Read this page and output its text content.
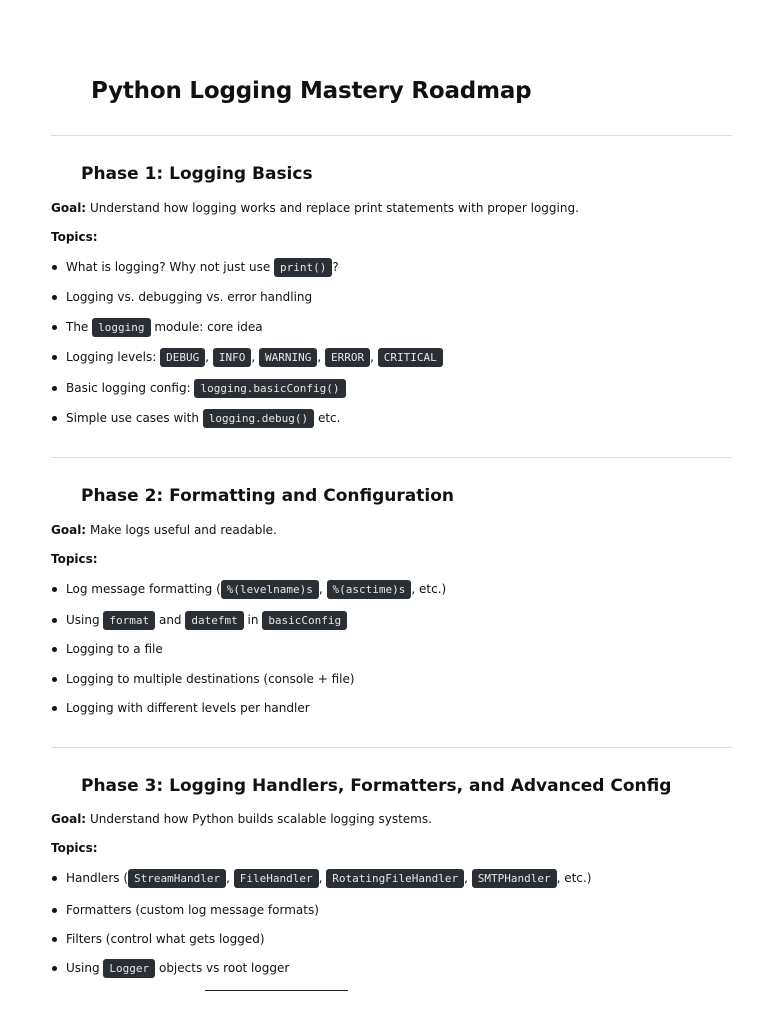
Python Logging Mastery Roadmap
Phase 1: Logging Basics
Goal: Understand how logging works and replace print statements with proper logging.
Topics:
What is logging? Why not just use print() ?
Logging vs. debugging vs. error handling
The logging module: core idea
Logging levels: DEBUG , INFO , WARNING , ERROR , CRITICAL
Basic logging config: logging.basicConfig()
Simple use cases with logging.debug() etc.
Phase 2: Formatting and Configuration
Goal: Make logs useful and readable.
Topics:
Log message formatting ( %(levelname)s , %(asctime)s , etc.)
Using format and datefmt in basicConfig
Logging to a file
Logging to multiple destinations (console + file)
Logging with different levels per handler
Phase 3: Logging Handlers, Formatters, and Advanced Config
Goal: Understand how Python builds scalable logging systems.
Topics:
Handlers ( StreamHandler , FileHandler , RotatingFileHandler , SMTPHandler , etc.)
Formatters (custom log message formats)
Filters (control what gets logged)
Using Logger objects vs root logger
